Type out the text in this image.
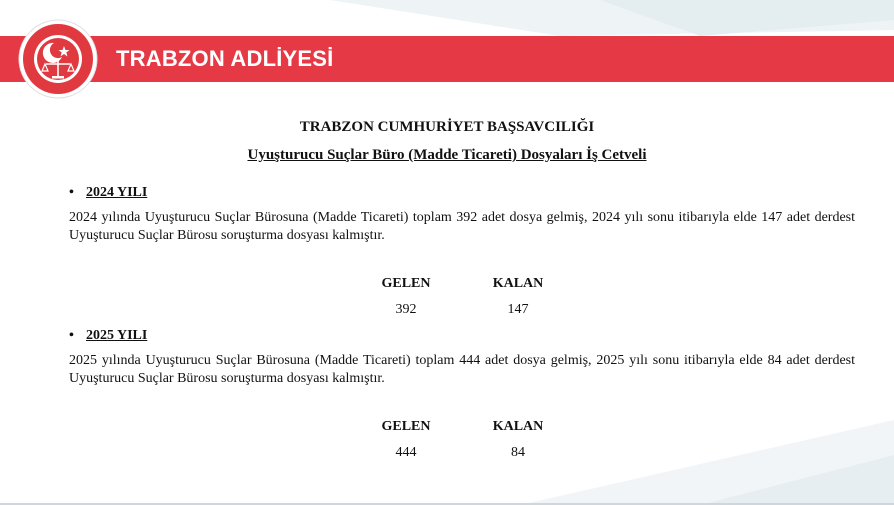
TRABZON ADLİYESİ
TRABZON CUMHURİYET BAŞSAVCILIĞI
Uyuşturucu Suçlar Büro (Madde Ticareti) Dosyaları İş Cetveli
• 2024 YILI
2024 yılında Uyuşturucu Suçlar Bürosuna (Madde Ticareti) toplam 392 adet dosya gelmiş, 2024 yılı sonu itibarıyla elde 147 adet derdest Uyuşturucu Suçlar Bürosu soruşturma dosyası kalmıştır.
GELEN	KALAN
392	147
• 2025 YILI
2025 yılında Uyuşturucu Suçlar Bürosuna (Madde Ticareti) toplam 444 adet dosya gelmiş, 2025 yılı sonu itibarıyla elde 84 adet derdest Uyuşturucu Suçlar Bürosu soruşturma dosyası kalmıştır.
GELEN	KALAN
444	84
